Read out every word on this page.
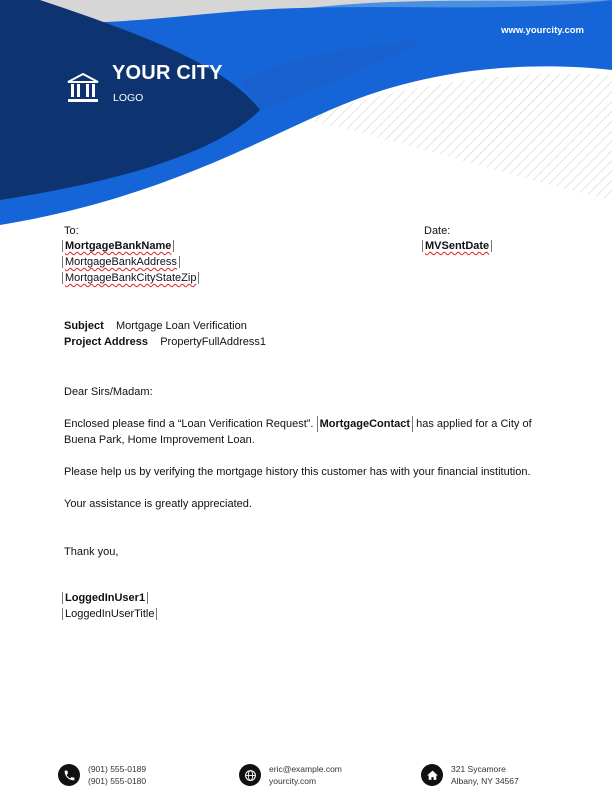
www.yourcity.com
YOUR CITY
LOGO
To:
MortgageBankName
MortgageBankAddress
MortgageBankCityStateZip
Date:
MVSentDate
Subject Mortgage Loan Verification
Project Address PropertyFullAddress1
Dear Sirs/Madam:
Enclosed please find a “Loan Verification Request”. MortgageContact has applied for a City of Buena Park, Home Improvement Loan.
Please help us by verifying the mortgage history this customer has with your financial institution.
Your assistance is greatly appreciated.
Thank you,
LoggedInUser1
LoggedInUserTitle
(901) 555-0189
(901) 555-0180
eric@example.com
yourcity.com
321 Sycamore
Albany, NY 34567
